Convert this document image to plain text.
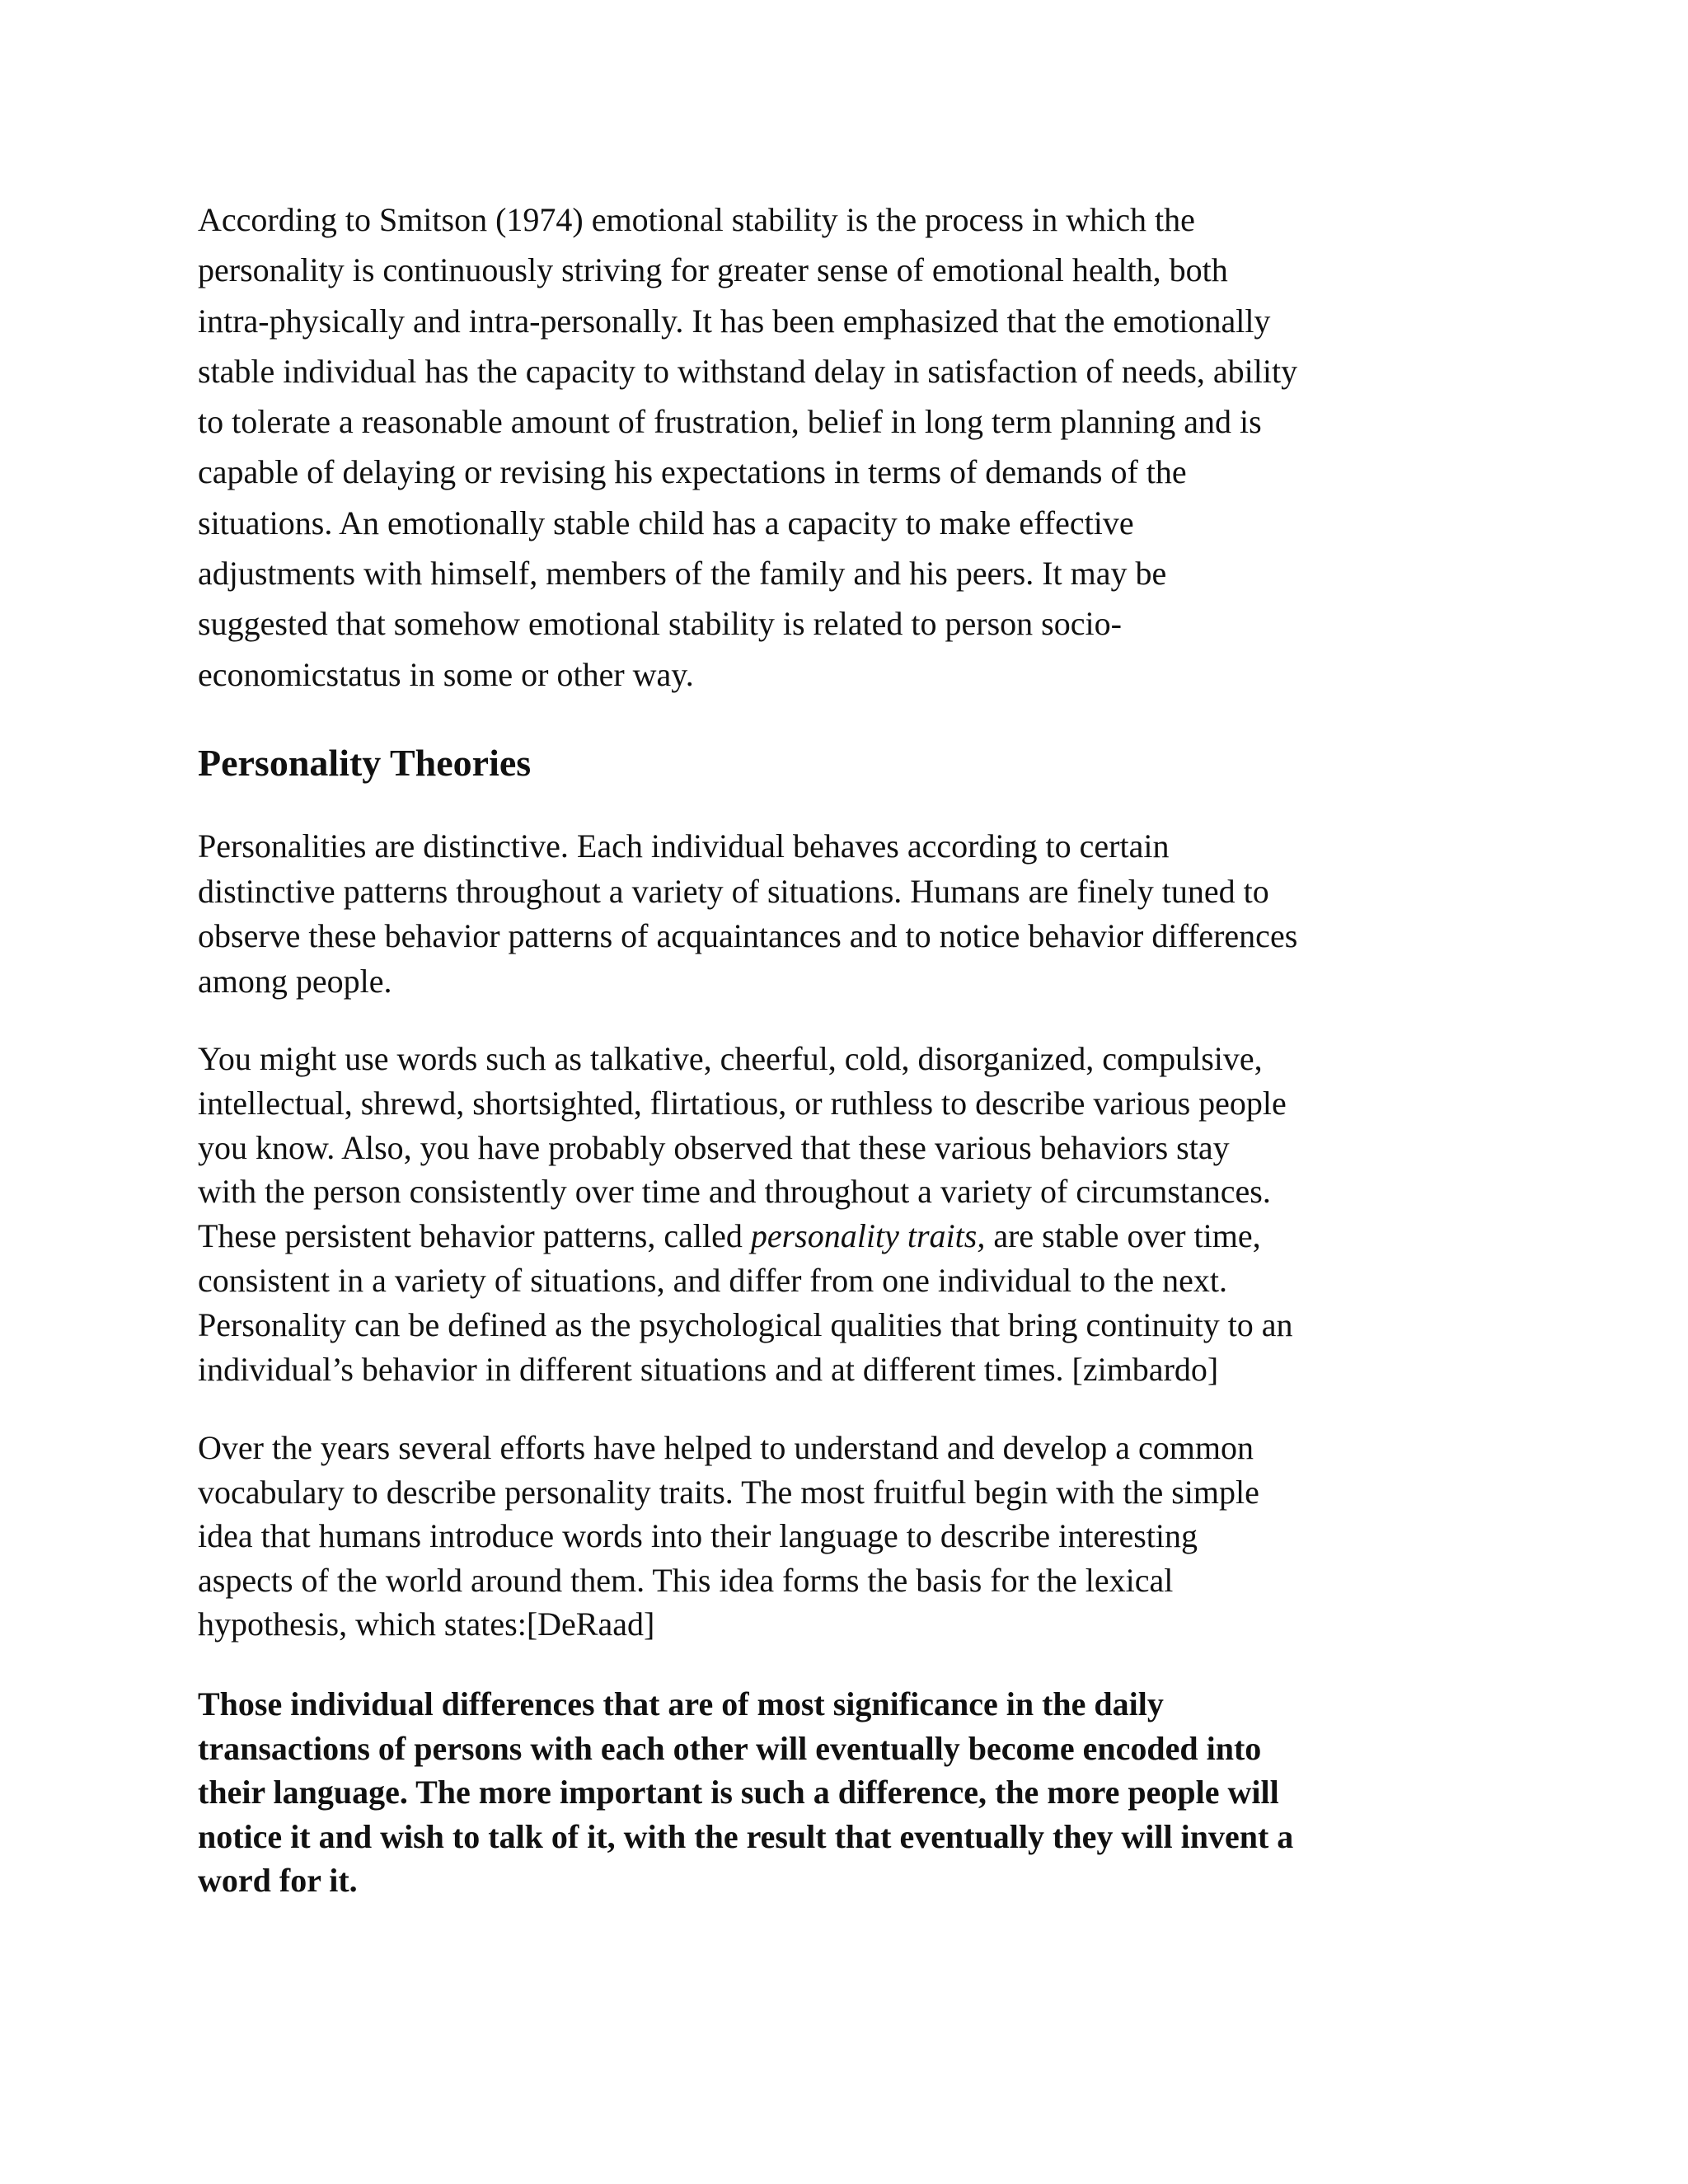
According to Smitson (1974) emotional stability is the process in which the
personality is continuously striving for greater sense of emotional health, both
intra-physically and intra-personally. It has been emphasized that the emotionally
stable individual has the capacity to withstand delay in satisfaction of needs, ability
to tolerate a reasonable amount of frustration, belief in long term planning and is
capable of delaying or revising his expectations in terms of demands of the
situations. An emotionally stable child has a capacity to make effective
adjustments with himself, members of the family and his peers. It may be
suggested that somehow emotional stability is related to person socio-
economicstatus in some or other way.
Personality Theories
Personalities are distinctive. Each individual behaves according to certain
distinctive patterns throughout a variety of situations. Humans are finely tuned to
observe these behavior patterns of acquaintances and to notice behavior differences
among people.
You might use words such as talkative, cheerful, cold, disorganized, compulsive,
intellectual, shrewd, shortsighted, flirtatious, or ruthless to describe various people
you know. Also, you have probably observed that these various behaviors stay
with the person consistently over time and throughout a variety of circumstances.
These persistent behavior patterns, called personality traits, are stable over time,
consistent in a variety of situations, and differ from one individual to the next.
Personality can be defined as the psychological qualities that bring continuity to an
individual’s behavior in different situations and at different times. [zimbardo]
Over the years several efforts have helped to understand and develop a common
vocabulary to describe personality traits. The most fruitful begin with the simple
idea that humans introduce words into their language to describe interesting
aspects of the world around them. This idea forms the basis for the lexical
hypothesis, which states:[DeRaad]
Those individual differences that are of most significance in the daily
transactions of persons with each other will eventually become encoded into
their language. The more important is such a difference, the more people will
notice it and wish to talk of it, with the result that eventually they will invent a
word for it.
